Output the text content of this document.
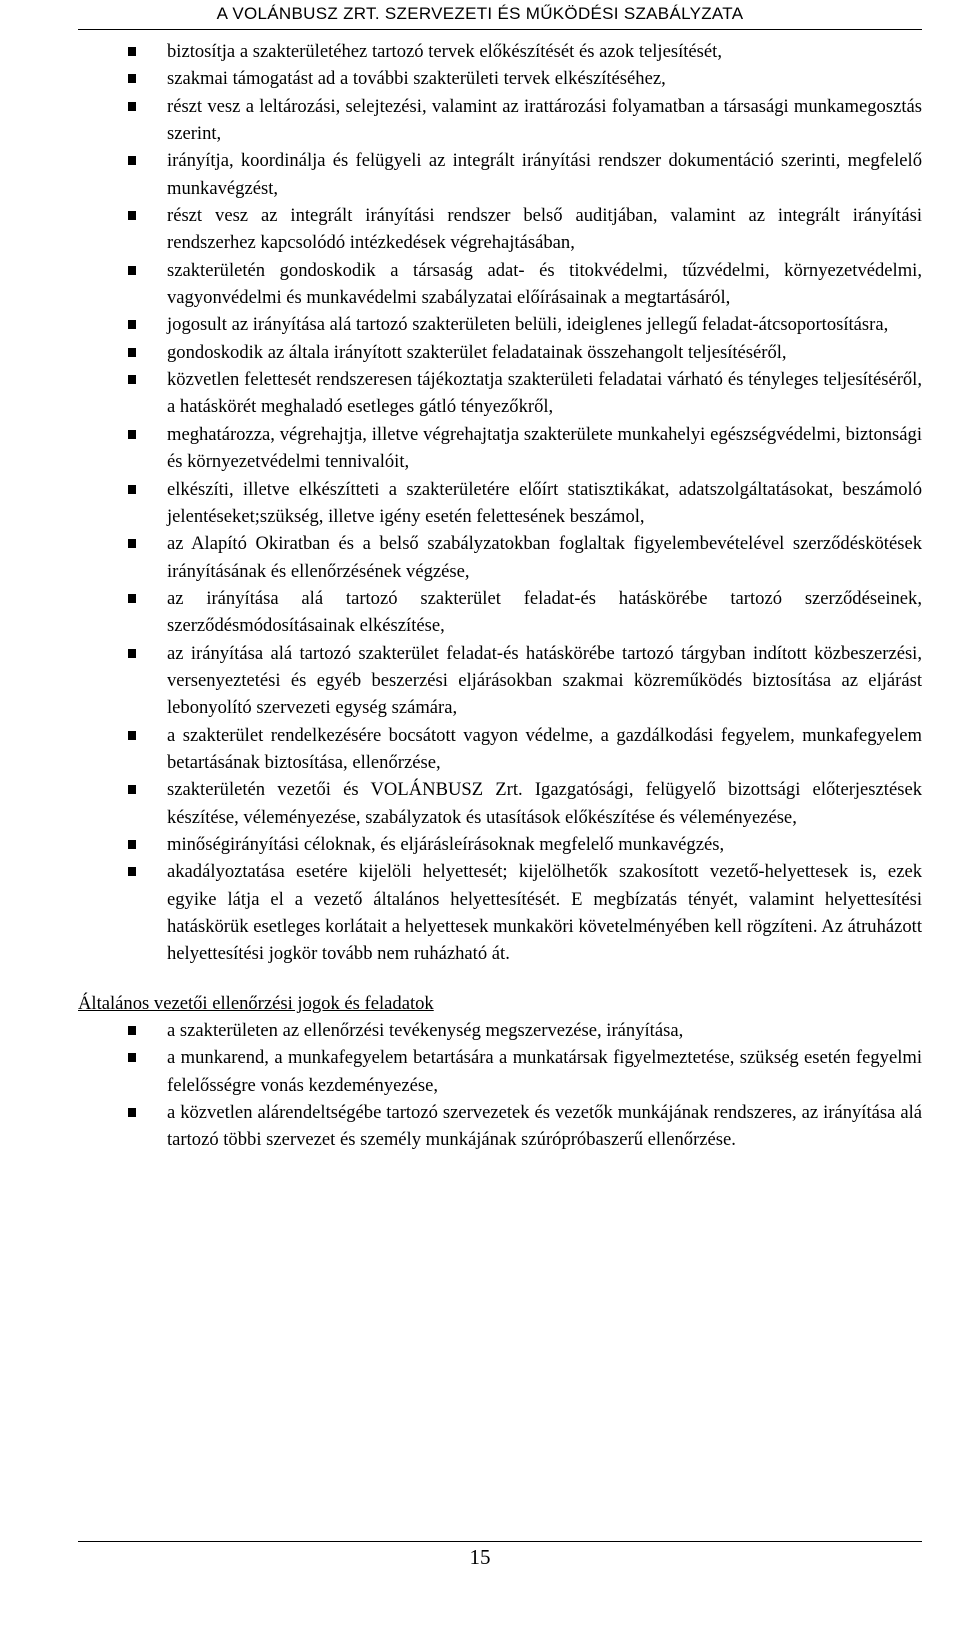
A VOLÁNBUSZ ZRT. SZERVEZETI ÉS MŰKÖDÉSI SZABÁLYZATA
biztosítja a szakterületéhez tartozó tervek előkészítését és azok teljesítését,
szakmai támogatást ad a további szakterületi tervek elkészítéséhez,
részt vesz a leltározási, selejtezési, valamint az irattározási folyamatban a társasági munkamegosztás szerint,
irányítja, koordinálja és felügyeli az integrált irányítási rendszer dokumentáció szerinti, megfelelő munkavégzést,
részt vesz az integrált irányítási rendszer belső auditjában, valamint az integrált irányítási rendszerhez kapcsolódó intézkedések végrehajtásában,
szakterületén gondoskodik a társaság adat- és titokvédelmi, tűzvédelmi, környezetvédelmi, vagyonvédelmi és munkavédelmi szabályzatai előírásainak a megtartásáról,
jogosult az irányítása alá tartozó szakterületen belüli, ideiglenes jellegű feladat-átcsoportosításra,
gondoskodik az általa irányított szakterület feladatainak összehangolt teljesítéséről,
közvetlen felettesét rendszeresen tájékoztatja szakterületi feladatai várható és tényleges teljesítéséről, a hatáskörét meghaladó esetleges gátló tényezőkről,
meghatározza, végrehajtja, illetve végrehajtatja szakterülete munkahelyi egészségvédelmi, biztonsági és környezetvédelmi tennivalóit,
elkészíti, illetve elkészítteti a szakterületére előírt statisztikákat, adatszolgáltatásokat, beszámoló jelentéseket;szükség, illetve igény esetén felettesének beszámol,
az Alapító Okiratban és a belső szabályzatokban foglaltak figyelembevételével szerződéskötések irányításának és ellenőrzésének végzése,
az irányítása alá tartozó szakterület feladat-és hatáskörébe tartozó szerződéseinek, szerződésmódosításainak elkészítése,
az irányítása alá tartozó szakterület feladat-és hatáskörébe tartozó tárgyban indított közbeszerzési, versenyeztetési és egyéb beszerzési eljárásokban szakmai közreműködés biztosítása az eljárást lebonyolító szervezeti egység számára,
a szakterület rendelkezésére bocsátott vagyon védelme, a gazdálkodási fegyelem, munkafegyelem betartásának biztosítása, ellenőrzése,
szakterületén vezetői és VOLÁNBUSZ Zrt. Igazgatósági, felügyelő bizottsági előterjesztések készítése, véleményezése, szabályzatok és utasítások előkészítése és véleményezése,
minőségirányítási céloknak, és eljárásleírásoknak megfelelő munkavégzés,
akadályoztatása esetére kijelöli helyettesét; kijelölhetők szakosított vezető-helyettesek is, ezek egyike látja el a vezető általános helyettesítését. E megbízatás tényét, valamint helyettesítési hatáskörük esetleges korlátait a helyettesek munkaköri követelményében kell rögzíteni. Az átruházott helyettesítési jogkör tovább nem ruházható át.
Általános vezetői ellenőrzési jogok és feladatok
a szakterületen az ellenőrzési tevékenység megszervezése, irányítása,
a munkarend, a munkafegyelem betartására a munkatársak figyelmeztetése, szükség esetén fegyelmi felelősségre vonás kezdeményezése,
a közvetlen alárendeltségébe tartozó szervezetek és vezetők munkájának rendszeres, az irányítása alá tartozó többi szervezet és személy munkájának szúrópróbaszerű ellenőrzése.
15
